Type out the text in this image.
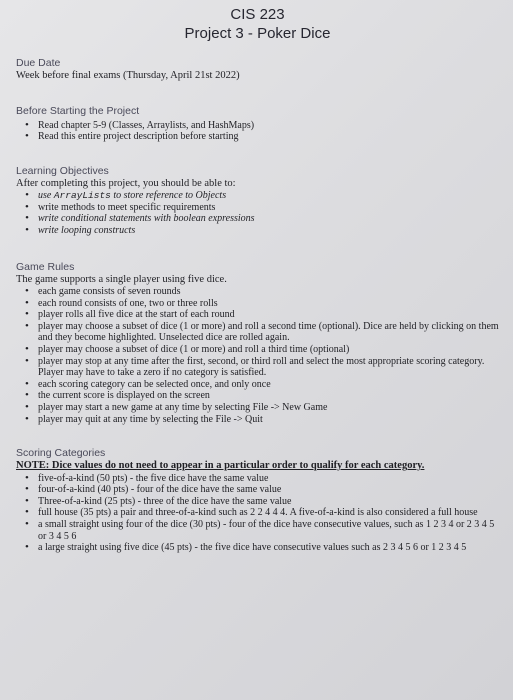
CIS 223
Project 3 - Poker Dice
Due Date
Week before final exams (Thursday, April 21st 2022)
Before Starting the Project
• Read chapter 5-9 (Classes, Arraylists, and HashMaps)
• Read this entire project description before starting
Learning Objectives
After completing this project, you should be able to:
• use ArrayLists to store reference to Objects
• write methods to meet specific requirements
• write conditional statements with boolean expressions
• write looping constructs
Game Rules
The game supports a single player using five dice.
• each game consists of seven rounds
• each round consists of one, two or three rolls
• player rolls all five dice at the start of each round
• player may choose a subset of dice (1 or more) and roll a second time (optional). Dice are held by clicking on them and they become highlighted. Unselected dice are rolled again.
• player may choose a subset of dice (1 or more) and roll a third time (optional)
• player may stop at any time after the first, second, or third roll and select the most appropriate scoring category. Player may have to take a zero if no category is satisfied.
• each scoring category can be selected once, and only once
• the current score is displayed on the screen
• player may start a new game at any time by selecting File -> New Game
• player may quit at any time by selecting the File -> Quit
Scoring Categories
NOTE: Dice values do not need to appear in a particular order to qualify for each category.
• five-of-a-kind (50 pts) - the five dice have the same value
• four-of-a-kind (40 pts) - four of the dice have the same value
• Three-of-a-kind (25 pts) - three of the dice have the same value
• full house (35 pts) a pair and three-of-a-kind such as 2 2 4 4 4. A five-of-a-kind is also considered a full house
• a small straight using four of the dice (30 pts) - four of the dice have consecutive values, such as 1 2 3 4 or 2 3 4 5 or 3 4 5 6
• a large straight using five dice (45 pts) - the five dice have consecutive values such as 2 3 4 5 6 or 1 2 3 4 5
